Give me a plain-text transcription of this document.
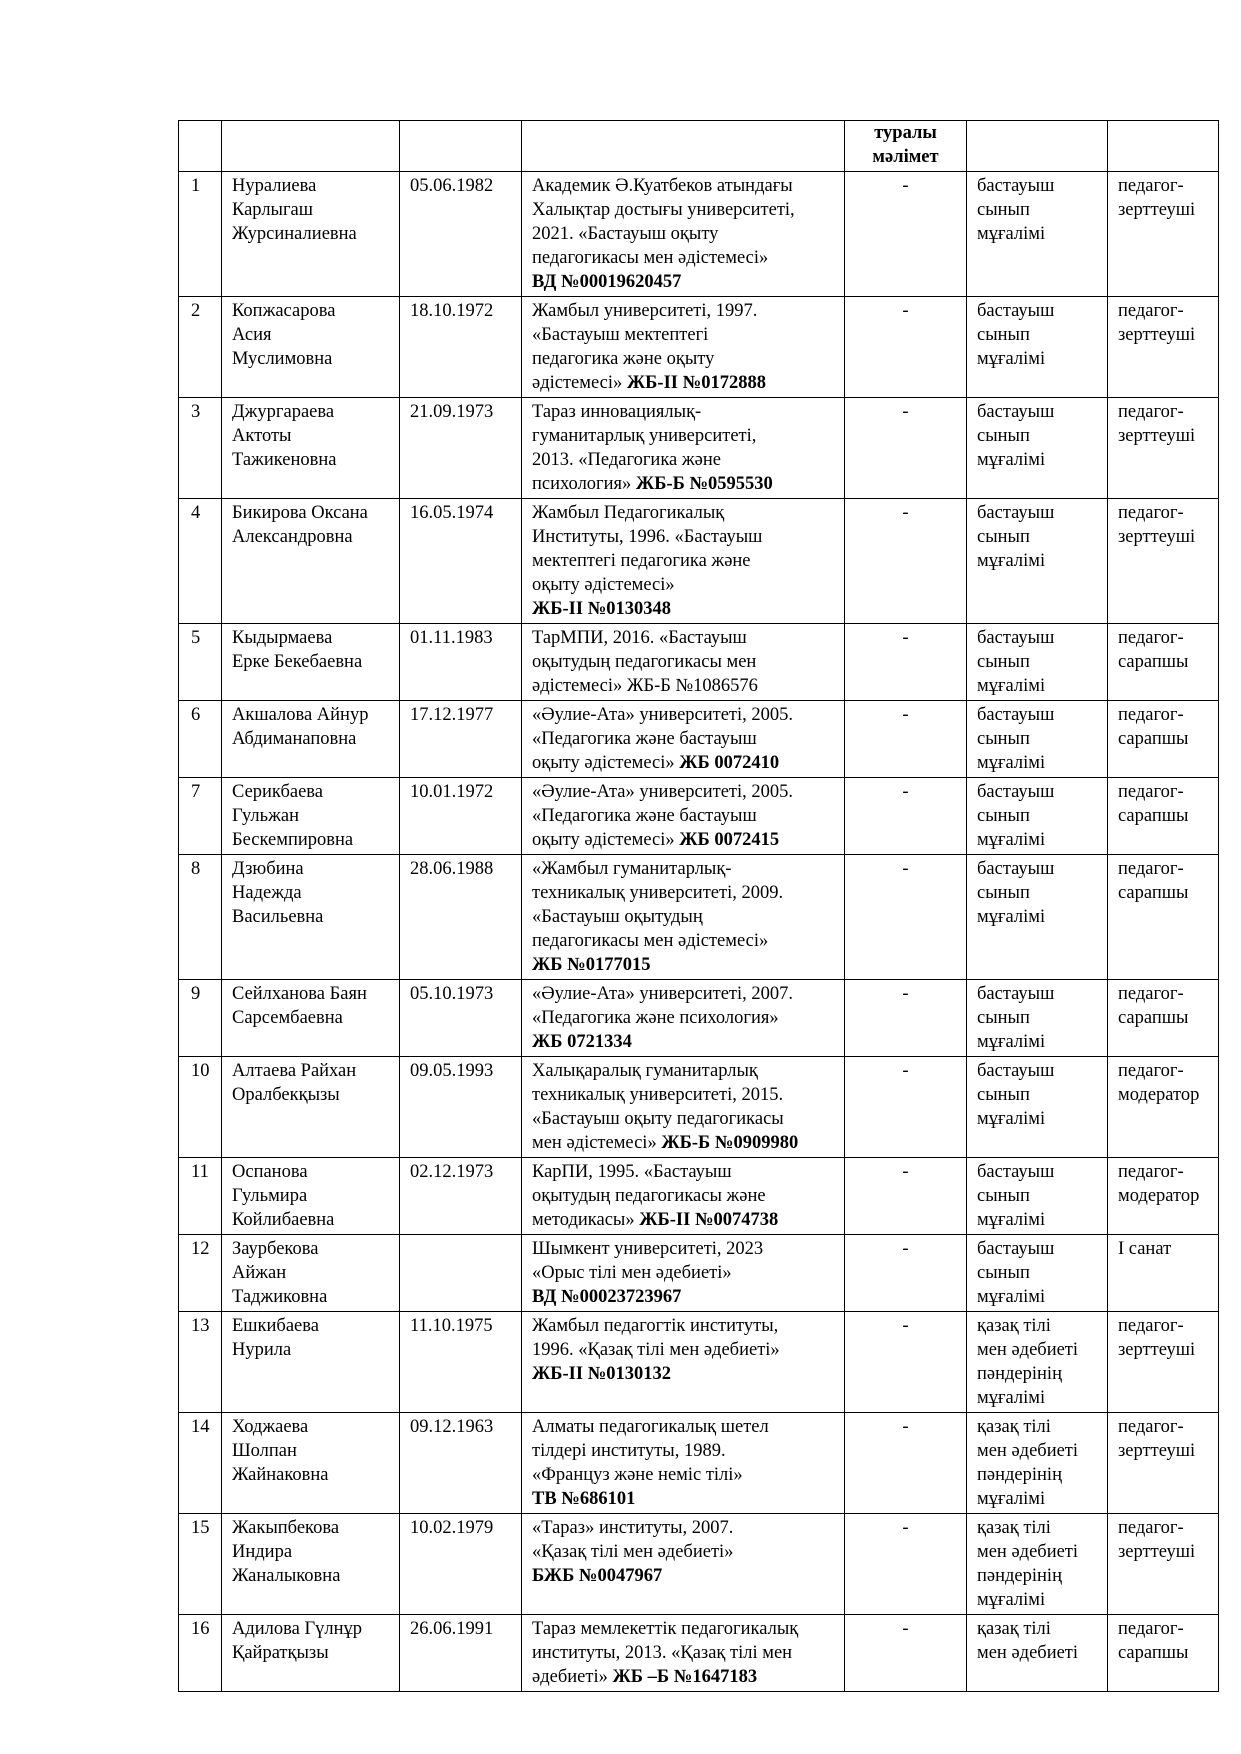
				туралы
мәлімет		

1	Нуралиева
Карлыгаш
Журсиналиевна	05.06.1982	Академик Ә.Куатбеков атындағы
Халықтар достығы университеті,
2021. «Бастауыш оқыту
педагогикасы мен әдістемесі»
ВД №00019620457	-	бастауыш
сынып
мұғалімі	педагог-
зерттеуші

2	Копжасарова
Асия
Муслимовна	18.10.1972	Жамбыл университеті, 1997.
«Бастауыш мектептегі
педагогика және оқыту
әдістемесі» ЖБ-ІІ №0172888	-	бастауыш
сынып
мұғалімі	педагог-
зерттеуші

3	Джургараева
Актоты
Тажикеновна	21.09.1973	Тараз инновациялық-
гуманитарлық университеті,
2013. «Педагогика және
психология» ЖБ-Б №0595530	-	бастауыш
сынып
мұғалімі	педагог-
зерттеуші

4	Бикирова Оксана
Александровна	16.05.1974	Жамбыл Педагогикалық
Институты, 1996. «Бастауыш
мектептегі педагогика және
оқыту әдістемесі»
ЖБ-ІІ №0130348	-	бастауыш
сынып
мұғалімі	педагог-
зерттеуші

5	Кыдырмаева
Ерке Бекебаевна	01.11.1983	ТарМПИ, 2016. «Бастауыш
оқытудың педагогикасы мен
әдістемесі» ЖБ-Б №1086576	-	бастауыш
сынып
мұғалімі	педагог-
сарапшы

6	Акшалова Айнур
Абдиманаповна	17.12.1977	«Әулие-Ата» университеті, 2005.
«Педагогика және бастауыш
оқыту әдістемесі» ЖБ 0072410	-	бастауыш
сынып
мұғалімі	педагог-
сарапшы

7	Серикбаева
Гульжан
Бескемпировна	10.01.1972	«Әулие-Ата» университеті, 2005.
«Педагогика және бастауыш
оқыту әдістемесі» ЖБ 0072415	-	бастауыш
сынып
мұғалімі	педагог-
сарапшы

8	Дзюбина
Надежда
Васильевна	28.06.1988	«Жамбыл гуманитарлық-
техникалық университеті, 2009.
«Бастауыш оқытудың
педагогикасы мен әдістемесі»
ЖБ №0177015	-	бастауыш
сынып
мұғалімі	педагог-
сарапшы

9	Сейлханова Баян
Сарсембаевна	05.10.1973	«Әулие-Ата» университеті, 2007.
«Педагогика және психология»
ЖБ 0721334	-	бастауыш
сынып
мұғалімі	педагог-
сарапшы

10	Алтаева Райхан
Оралбекқызы	09.05.1993	Халықаралық гуманитарлық
техникалық университеті, 2015.
«Бастауыш оқыту педагогикасы
мен әдістемесі» ЖБ-Б №0909980	-	бастауыш
сынып
мұғалімі	педагог-
модератор

11	Оспанова
Гульмира
Койлибаевна	02.12.1973	КарПИ, 1995. «Бастауыш
оқытудың педагогикасы және
методикасы» ЖБ-ІІ №0074738	-	бастауыш
сынып
мұғалімі	педагог-
модератор

12	Заурбекова
Айжан
Таджиковна		Шымкент университеті, 2023
«Орыс тілі мен әдебиеті»
ВД №00023723967	-	бастауыш
сынып
мұғалімі	І санат

13	Ешкибаева
Нурила	11.10.1975	Жамбыл педагогтік институты,
1996. «Қазақ тілі мен әдебиеті»
ЖБ-ІІ №0130132	-	қазақ тілі
мен әдебиеті
пәндерінің
мұғалімі	педагог-
зерттеуші

14	Ходжаева
Шолпан
Жайнаковна	09.12.1963	Алматы педагогикалық шетел
тілдері институты, 1989.
«Француз және неміс тілі»
ТВ №686101	-	қазақ тілі
мен әдебиеті
пәндерінің
мұғалімі	педагог-
зерттеуші

15	Жакыпбекова
Индира
Жаналыковна	10.02.1979	«Тараз» институты, 2007.
«Қазақ тілі мен әдебиеті»
БЖБ №0047967	-	қазақ тілі
мен әдебиеті
пәндерінің
мұғалімі	педагог-
зерттеуші

16	Адилова Гүлнұр
Қайратқызы	26.06.1991	Тараз мемлекеттік педагогикалық
институты, 2013. «Қазақ тілі мен
әдебиеті» ЖБ –Б №1647183	-	қазақ тілі
мен әдебиеті	педагог-
сарапшы
